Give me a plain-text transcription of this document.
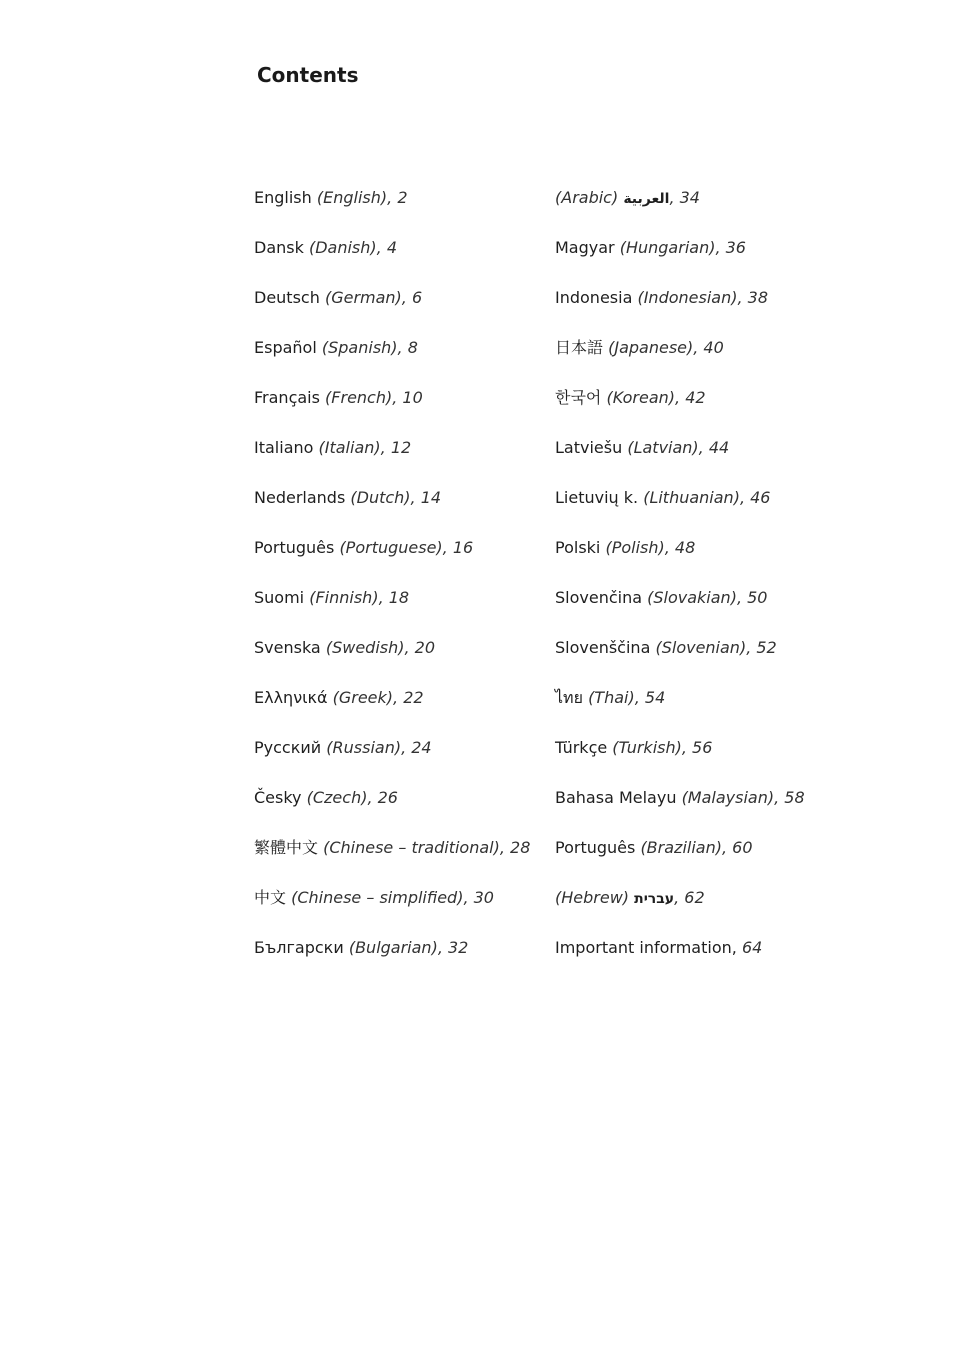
Contents
English (English), 2
Dansk (Danish), 4
Deutsch (German), 6
Español (Spanish), 8
Français (French), 10
Italiano (Italian), 12
Nederlands (Dutch), 14
Português (Portuguese), 16
Suomi (Finnish), 18
Svenska (Swedish), 20
Ελληνικά (Greek), 22
Русский (Russian), 24
Česky (Czech), 26
繁體中文 (Chinese – traditional), 28
中文 (Chinese – simplified), 30
Български (Bulgarian), 32
(Arabic) العربية, 34
Magyar (Hungarian), 36
Indonesia (Indonesian), 38
日本語 (Japanese), 40
한국어 (Korean), 42
Latviešu (Latvian), 44
Lietuvių k. (Lithuanian), 46
Polski (Polish), 48
Slovenčina (Slovakian), 50
Slovenščina (Slovenian), 52
ไทย (Thai), 54
Türkçe (Turkish), 56
Bahasa Melayu (Malaysian), 58
Português (Brazilian), 60
(Hebrew) עברית, 62
Important information, 64
